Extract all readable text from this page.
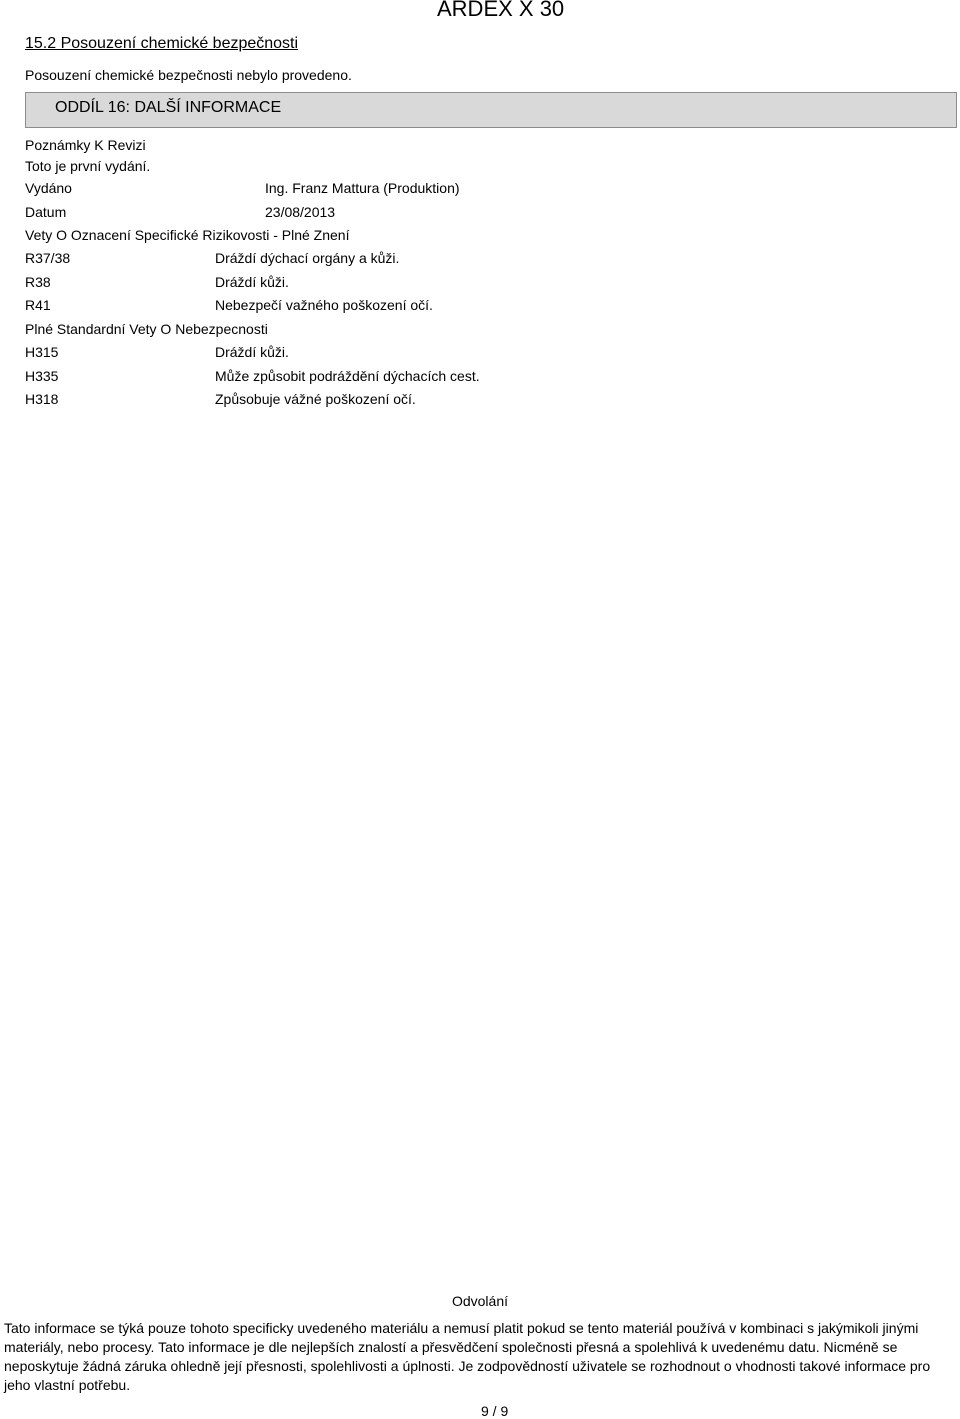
ARDEX X 30
15.2 Posouzení chemické bezpečnosti
Posouzení chemické bezpečnosti nebylo provedeno.
ODDÍL 16: DALŠÍ INFORMACE
Poznámky K Revizi
Toto je první vydání.
Vydáno	Ing. Franz Mattura (Produktion)
Datum	23/08/2013
Vety O Oznacení Specifické Rizikovosti - Plné Znení
R37/38	Dráždí dýchací orgány a kůži.
R38	Dráždí kůži.
R41	Nebezpečí važného poškození očí.
Plné Standardní Vety O Nebezpecnosti
H315	Dráždí kůži.
H335	Může způsobit podráždění dýchacích cest.
H318	Způsobuje vážné poškození očí.
Odvolání
Tato informace se týká pouze tohoto specificky uvedeného materiálu a nemusí platit pokud se tento materiál používá v kombinaci s jakýmikoli jinými materiály, nebo procesy. Tato informace je dle nejlepších znalostí a přesvědčení společnosti přesná a spolehlivá k uvedenému datu. Nicméně se neposkytuje žádná záruka ohledně její přesnosti, spolehlivosti a úplnosti. Je zodpovědností uživatele se rozhodnout o vhodnosti takové informace pro jeho vlastní potřebu.
9 / 9
